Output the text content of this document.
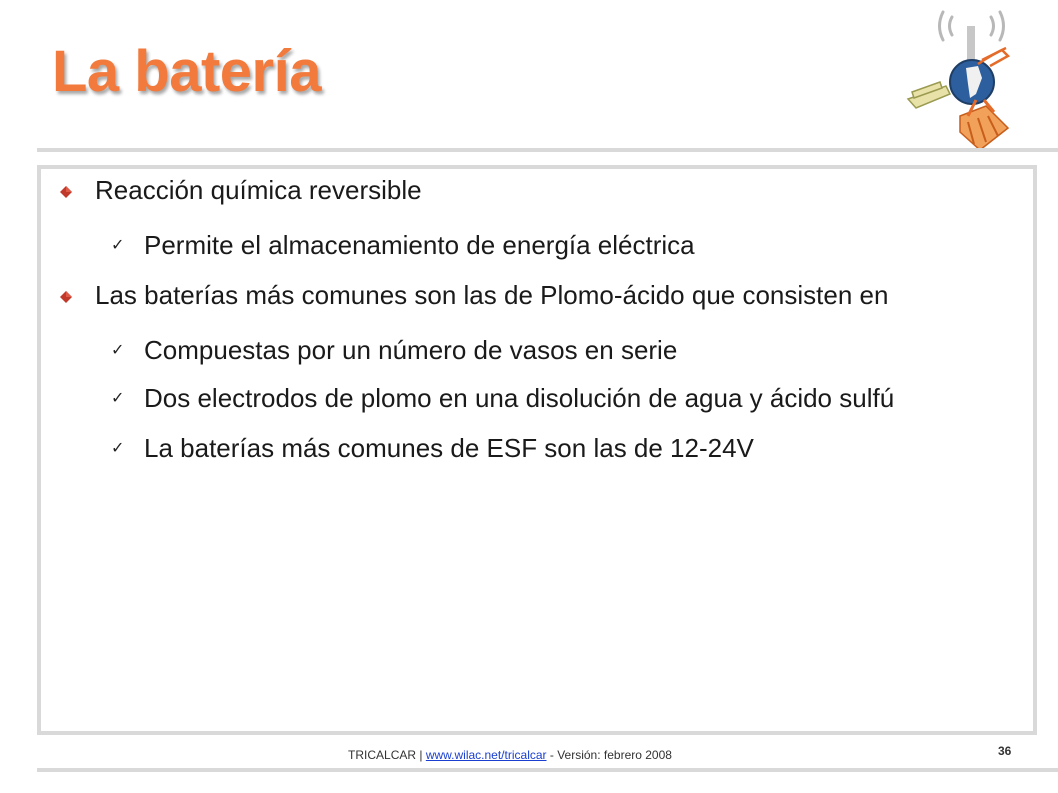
La batería
Reacción química reversible
✓ Permite el almacenamiento de energía eléctrica
Las baterías más comunes son las de Plomo-ácido que consisten en
✓ Compuestas por un número de vasos en serie
✓ Dos electrodos de plomo en una disolución de agua y ácido sulfú
✓ La baterías más comunes de ESF son las de 12-24V
TRICALCAR | www.wilac.net/tricalcar - Versión: febrero 2008	36
